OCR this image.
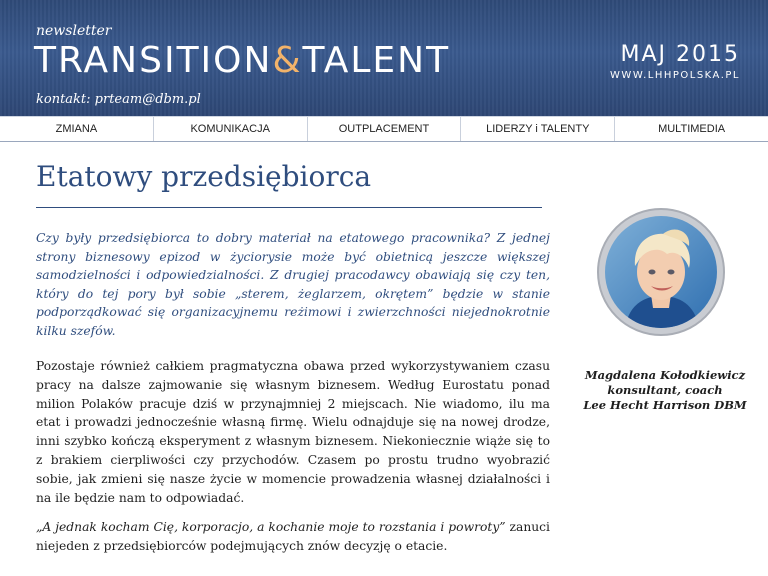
newsletter
TRANSITION&TALENT	MAJ 2015
WWW.LHHPOLSKA.PL
kontakt: prteam@dbm.pl
ZMIANA	KOMUNIKACJA	OUTPLACEMENT	LIDERZY i TALENTY	MULTIMEDIA
Etatowy przedsiębiorca

Czy były przedsiębiorca to dobry materiał na etatowego pracownika? Z jednej strony biznesowy epizod w życiorysie może być obietnicą jeszcze większej samodzielności i odpowiedzialności. Z drugiej pracodawcy obawiają się czy ten, który do tej pory był sobie „sterem, żeglarzem, okrętem” będzie w stanie podporządkować się organizacyjnemu reżimowi i zwierzchności niejednokrotnie kilku szefów.

Pozostaje również całkiem pragmatyczna obawa przed wykorzystywaniem czasu pracy na dalsze zajmowanie się własnym biznesem. Według Eurostatu ponad milion Polaków pracuje dziś w przynajmniej 2 miejscach. Nie wiadomo, ilu ma etat i prowadzi jednocześnie własną firmę. Wielu odnajduje się na nowej drodze, inni szybko kończą eksperyment z własnym biznesem. Niekoniecznie wiąże się to z brakiem cierpliwości czy przychodów. Czasem po prostu trudno wyobrazić sobie, jak zmieni się nasze życie w momencie prowadzenia własnej działalności i na ile będzie nam to odpowiadać.

„A jednak kocham Cię, korporacjo, a kochanie moje to rozstania i powroty” zanuci niejeden z przedsiębiorców podejmujących znów decyzję o etacie.

Magdalena Kołodkiewicz
konsultant, coach
Lee Hecht Harrison DBM
